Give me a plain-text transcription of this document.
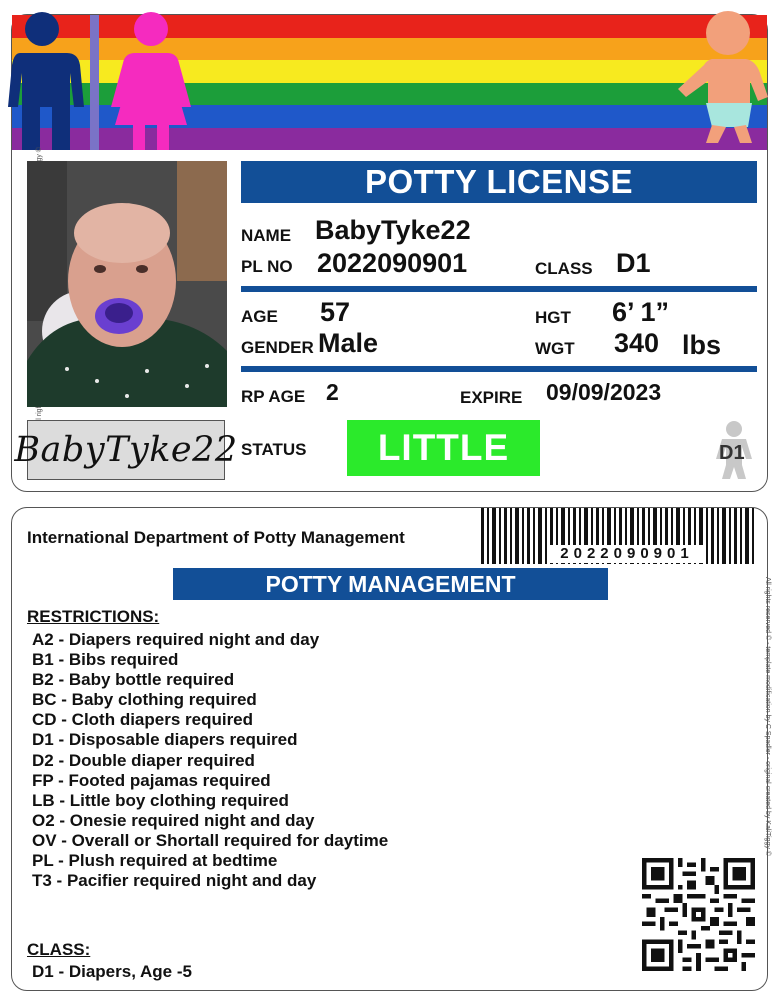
BabyTyke22
POTTY LICENSE
NAME BabyTyke22
PL NO 2022090901	CLASS D1
AGE 57	HGT 6’ 1”
GENDER Male	WGT 340 lbs
RP AGE 2	EXPIRE 09/09/2023
STATUS	LITTLE	D1
International Department of Potty Management
2022090901
POTTY MANAGEMENT
RESTRICTIONS:
A2 - Diapers required night and day
B1 - Bibs required
B2 - Baby bottle required
BC - Baby clothing required
CD - Cloth diapers required
D1 - Disposable diapers required
D2 - Double diaper required
FP - Footed pajamas required
LB - Little boy clothing required
O2 - Onesie required night and day
OV - Overall or Shortall required for daytime
PL - Plush required at bedtime
T3 - Pacifier required night and day
CLASS:
D1 - Diapers, Age -5
All rights reserved © - template modification by C Spadler - original created by KaliTiggy ©
